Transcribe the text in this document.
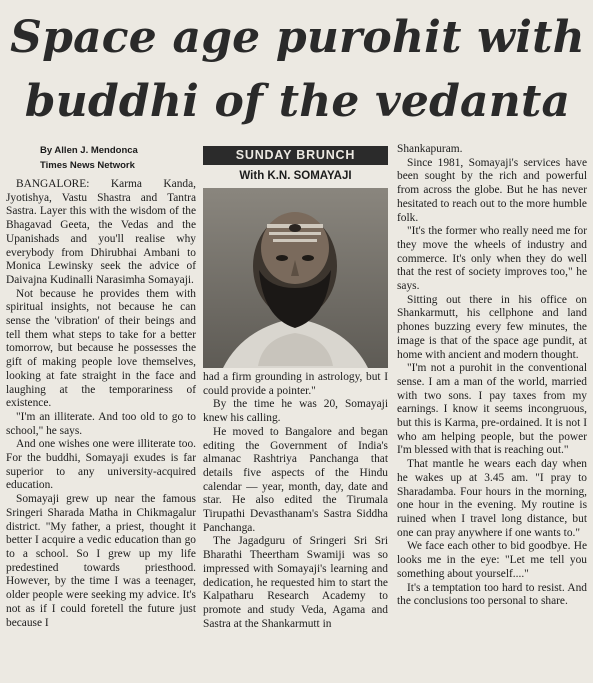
Space age purohit with
buddhi of the vedanta
By Allen J. Mendonca
Times News Network

BANGALORE: Karma Kanda, Jyotishya, Vastu Shastra and Tantra Sastra. Layer this with the wisdom of the Bhagavad Geeta, the Vedas and the Upanishads and you'll realise why everybody from Dhirubhai Ambani to Monica Lewinsky seek the advice of Daivajna Kudinalli Narasimha Somayaji.

Not because he provides them with spiritual insights, not because he can sense the 'vibration' of their beings and tell them what steps to take for a better tomorrow, but because he possesses the gift of making people love themselves, looking at fate straight in the face and laughing at the temporariness of existence.

"I'm an illiterate. And too old to go to school," he says.

And one wishes one were illiterate too. For the buddhi, Somayaji exudes is far superior to any university-acquired education.

Somayaji grew up near the famous Sringeri Sharada Matha in Chikmagalur district. "My father, a priest, thought it better I acquire a vedic education than go to a school. So I grew up my life predestined towards priesthood. However, by the time I was a teenager, older people were seeking my advice. It's not as if I could foretell the future just because I

SUNDAY BRUNCH
With K.N. SOMAYAJI

had a firm grounding in astrology, but I could provide a pointer."

By the time he was 20, Somayaji knew his calling.

He moved to Bangalore and began editing the Government of India's almanac Rashtriya Panchanga that details five aspects of the Hindu calendar — year, month, day, date and star. He also edited the Tirumala Tirupathi Devasthanam's Sastra Siddha Panchanga.

The Jagadguru of Sringeri Sri Sri Bharathi Theertham Swamiji was so impressed with Somayaji's learning and dedication, he requested him to start the Kalpatharu Research Academy to promote and study Veda, Agama and Sastra at the Shankarmutt in

Shankapuram.

Since 1981, Somayaji's services have been sought by the rich and powerful from across the globe. But he has never hesitated to reach out to the more humble folk.

"It's the former who really need me for they move the wheels of industry and commerce. It's only when they do well that the rest of society improves too," he says.

Sitting out there in his office on Shankarmutt, his cellphone and land phones buzzing every few minutes, the image is that of the space age pundit, at home with ancient and modern thought.

"I'm not a purohit in the conventional sense. I am a man of the world, married with two sons. I pay taxes from my earnings. I know it seems incongruous, but this is Karma, pre-ordained. It is not I who am helping people, but the power I'm blessed with that is reaching out."

That mantle he wears each day when he wakes up at 3.45 am. "I pray to Sharadamba. Four hours in the morning, one hour in the evening. My routine is ruined when I travel long distance, but one can pray anywhere if one wants to."

We face each other to bid goodbye. He looks me in the eye: "Let me tell you something about yourself...."

It's a temptation too hard to resist. And the conclusions too personal to share.
